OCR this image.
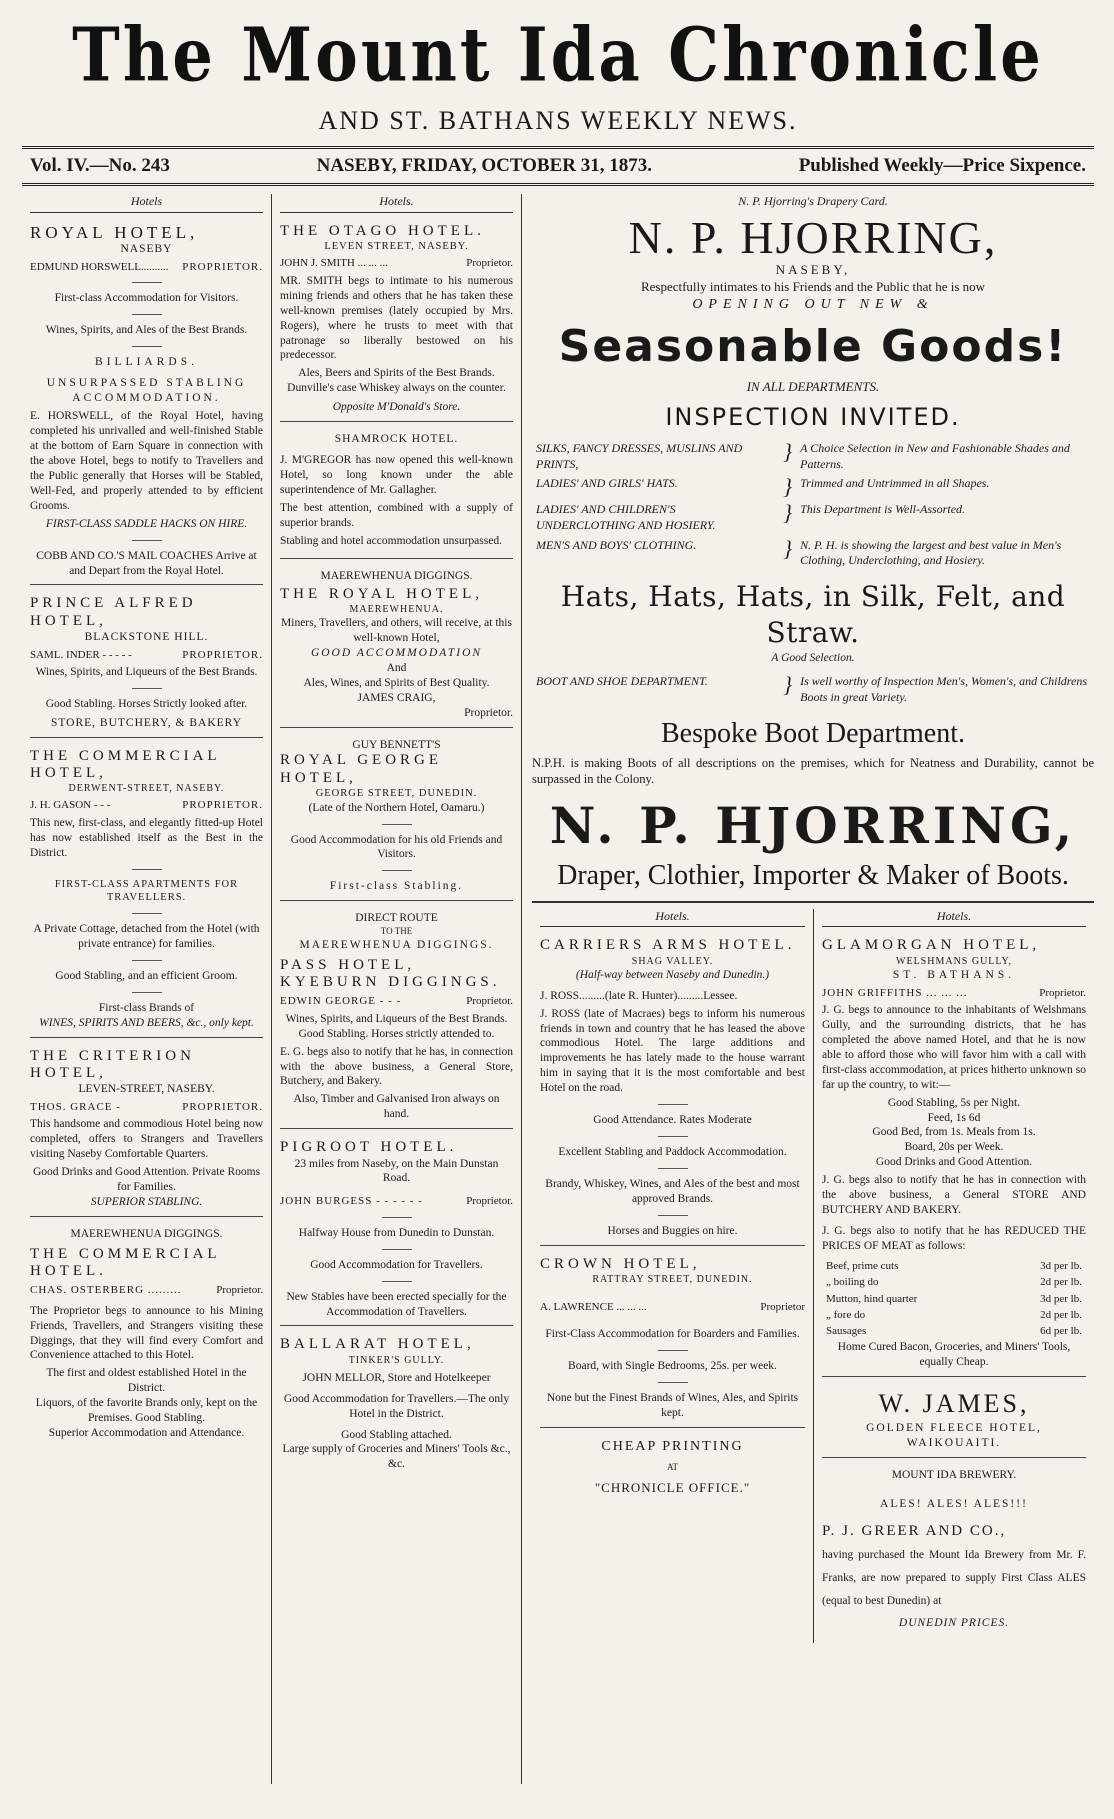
The Mount Ida Chronicle
AND ST. BATHANS WEEKLY NEWS.
Vol. IV.—No. 243	NASEBY, FRIDAY, OCTOBER 31, 1873.	Published Weekly—Price Sixpence.
Hotels
ROYAL HOTEL,
NASEBY
EDMUND HORSWELL.......... PROPRIETOR.
First-class Accommodation for Visitors.
Wines, Spirits, and Ales of the Best Brands.
BILLIARDS.
UNSURPASSED STABLING ACCOMMODATION.

E. HORSWELL, of the Royal Hotel, having completed his unrivalled and well-finished Stable at the bottom of Earn Square in connection with the above Hotel, begs to notify to Travellers and the Public generally that Horses will be Stabled, Well-Fed, and properly attended to by efficient Grooms.

FIRST-CLASS SADDLE HACKS ON HIRE.
COBB AND CO.'S MAIL COACHES Arrive at and Depart from the Royal Hotel.
PRINCE ALFRED HOTEL,
BLACKSTONE HILL.
SAML. INDER - - - - -	PROPRIETOR.
Wines, Spirits, and Liqueurs of the Best Brands.
Good Stabling. Horses Strictly looked after.
STORE, BUTCHERY, & BAKERY
THE COMMERCIAL HOTEL,
DERWENT-STREET, NASEBY.
J. H. GASON - - -	PROPRIETOR.

This new, first-class, and elegantly fitted-up Hotel has now established itself as the Best in the District.

FIRST-CLASS APARTMENTS FOR TRAVELLERS.
A Private Cottage, detached from the Hotel (with private entrance) for families.
Good Stabling, and an efficient Groom.
First-class Brands of
WINES, SPIRITS AND BEERS, &c., only kept.
THE CRITERION HOTEL,
LEVEN-STREET, NASEBY.
THOS. GRACE -	PROPRIETOR.

This handsome and commodious Hotel being now completed, offers to Strangers and Travellers visiting Naseby Comfortable Quarters.

Good Drinks and Good Attention. Private Rooms for Families.
SUPERIOR STABLING.
MAEREWHENUA DIGGINGS.
THE COMMERCIAL HOTEL.
CHAS. OSTERBERG .........	Proprietor.

The Proprietor begs to announce to his Mining Friends, Travellers, and Strangers visiting these Diggings, that they will find every Comfort and Convenience attached to this Hotel.

The first and oldest established Hotel in the District.
Liquors, of the favorite Brands only, kept on the Premises. Good Stabling.
Superior Accommodation and Attendance.
Hotels.
THE OTAGO HOTEL.
LEVEN STREET, NASEBY.
JOHN J. SMITH ... ... ...	Proprietor.

MR. SMITH begs to intimate to his numerous mining friends and others that he has taken these well-known premises (lately occupied by Mrs. Rogers), where he trusts to meet with that patronage so liberally bestowed on his predecessor.

Ales, Beers and Spirits of the Best Brands.
Dunville's case Whiskey always on the counter.
Opposite M'Donald's Store.
SHAMROCK HOTEL.

J. M'GREGOR has now opened this well-known Hotel, so long known under the able superintendence of Mr. Gallagher.

The best attention, combined with a supply of superior brands.

Stabling and hotel accommodation unsurpassed.

MAEREWHENUA DIGGINGS.
THE ROYAL HOTEL,
MAEREWHENUA.
Miners, Travellers, and others, will receive, at this well-known Hotel,
GOOD ACCOMMODATION
And
Ales, Wines, and Spirits of Best Quality.
JAMES CRAIG,
Proprietor.
GUY BENNETT'S
ROYAL GEORGE HOTEL,
GEORGE STREET, DUNEDIN.
(Late of the Northern Hotel, Oamaru.)
Good Accommodation for his old Friends and Visitors.
First-class Stabling.
DIRECT ROUTE
TO THE
MAEREWHENUA DIGGINGS.
PASS HOTEL, KYEBURN DIGGINGS.
EDWIN GEORGE - - -	Proprietor.
Wines, Spirits, and Liqueurs of the Best Brands.
Good Stabling. Horses strictly attended to.

E. G. begs also to notify that he has, in connection with the above business, a General Store, Butchery, and Bakery.

Also, Timber and Galvanised Iron always on hand.
PIGROOT HOTEL.
23 miles from Naseby, on the Main Dunstan Road.
JOHN BURGESS - - - - - -	Proprietor.
Halfway House from Dunedin to Dunstan.
Good Accommodation for Travellers.
New Stables have been erected specially for the Accommodation of Travellers.
BALLARAT HOTEL,
TINKER'S GULLY.
JOHN MELLOR, Store and Hotelkeeper
Good Accommodation for Travellers.—The only Hotel in the District.
Good Stabling attached.
Large supply of Groceries and Miners' Tools &c., &c.
N. P. Hjorring's Drapery Card.
N. P. HJORRING,
NASEBY,
Respectfully intimates to his Friends and the Public that he is now
OPENING OUT NEW &
Seasonable Goods!
IN ALL DEPARTMENTS.
INSPECTION INVITED.
SILKS, FANCY DRESSES, MUSLINS AND PRINTS,	}	A Choice Selection in New and Fashionable Shades and Patterns.
LADIES' AND GIRLS' HATS.	}	Trimmed and Untrimmed in all Shapes.
LADIES' AND CHILDREN'S UNDERCLOTHING AND HOSIERY.	}	This Department is Well-Assorted.
MEN'S AND BOYS' CLOTHING.	}	N. P. H. is showing the largest and best value in Men's Clothing, Underclothing, and Hosiery.
Hats, Hats, Hats, in Silk, Felt, and Straw.
A Good Selection.
BOOT AND SHOE DEPARTMENT.	}	Is well worthy of Inspection Men's, Women's, and Childrens Boots in great Variety.
Bespoke Boot Department.

N.P.H. is making Boots of all descriptions on the premises, which for Neatness and Durability, cannot be surpassed in the Colony.

N. P. HJORRING,
Draper, Clothier, Importer & Maker of Boots.
Hotels.
CARRIERS ARMS HOTEL.
SHAG VALLEY.
(Half-way between Naseby and Dunedin.)
J. ROSS.........(late R. Hunter).........Lessee.

J. ROSS (late of Macraes) begs to inform his numerous friends in town and country that he has leased the above commodious Hotel. The large additions and improvements he has lately made to the house warrant him in saying that it is the most comfortable and best Hotel on the road.

Good Attendance. Rates Moderate
Excellent Stabling and Paddock Accommodation.
Brandy, Whiskey, Wines, and Ales of the best and most approved Brands.
Horses and Buggies on hire.
CROWN HOTEL,
RATTRAY STREET, DUNEDIN.
A. LAWRENCE ... ... ...	Proprietor
First-Class Accommodation for Boarders and Families.
Board, with Single Bedrooms, 25s. per week.
None but the Finest Brands of Wines, Ales, and Spirits kept.
CHEAP PRINTING
AT
"CHRONICLE OFFICE."
Hotels.
GLAMORGAN HOTEL,
WELSHMANS GULLY,
ST. BATHANS.
JOHN GRIFFITHS ... ... ...	Proprietor.

J. G. begs to announce to the inhabitants of Welshmans Gully, and the surrounding districts, that he has completed the above named Hotel, and that he is now able to afford those who will favor him with a call with first-class accommodation, at prices hitherto unknown so far up the country, to wit:—

Good Stabling, 5s per Night.
Feed, 1s 6d
Good Bed, from 1s. Meals from 1s.
Board, 20s per Week.
Good Drinks and Good Attention.

J. G. begs also to notify that he has in connection with the above business, a General STORE AND BUTCHERY AND BAKERY.

J. G. begs also to notify that he has REDUCED THE PRICES OF MEAT as follows:

Beef, prime cuts	3d per lb.
„ boiling do	2d per lb.
Mutton, hind quarter	3d per lb.
„ fore do	2d per lb.
Sausages	6d per lb.
Home Cured Bacon, Groceries, and Miners' Tools, equally Cheap.
W. JAMES,
GOLDEN FLEECE HOTEL,
WAIKOUAITI.
MOUNT IDA BREWERY.
ALES! ALES! ALES!!!
P. J. GREER AND CO.,

having purchased the Mount Ida Brewery from Mr. F. Franks, are now prepared to supply First Class ALES (equal to best Dunedin) at

DUNEDIN PRICES.
